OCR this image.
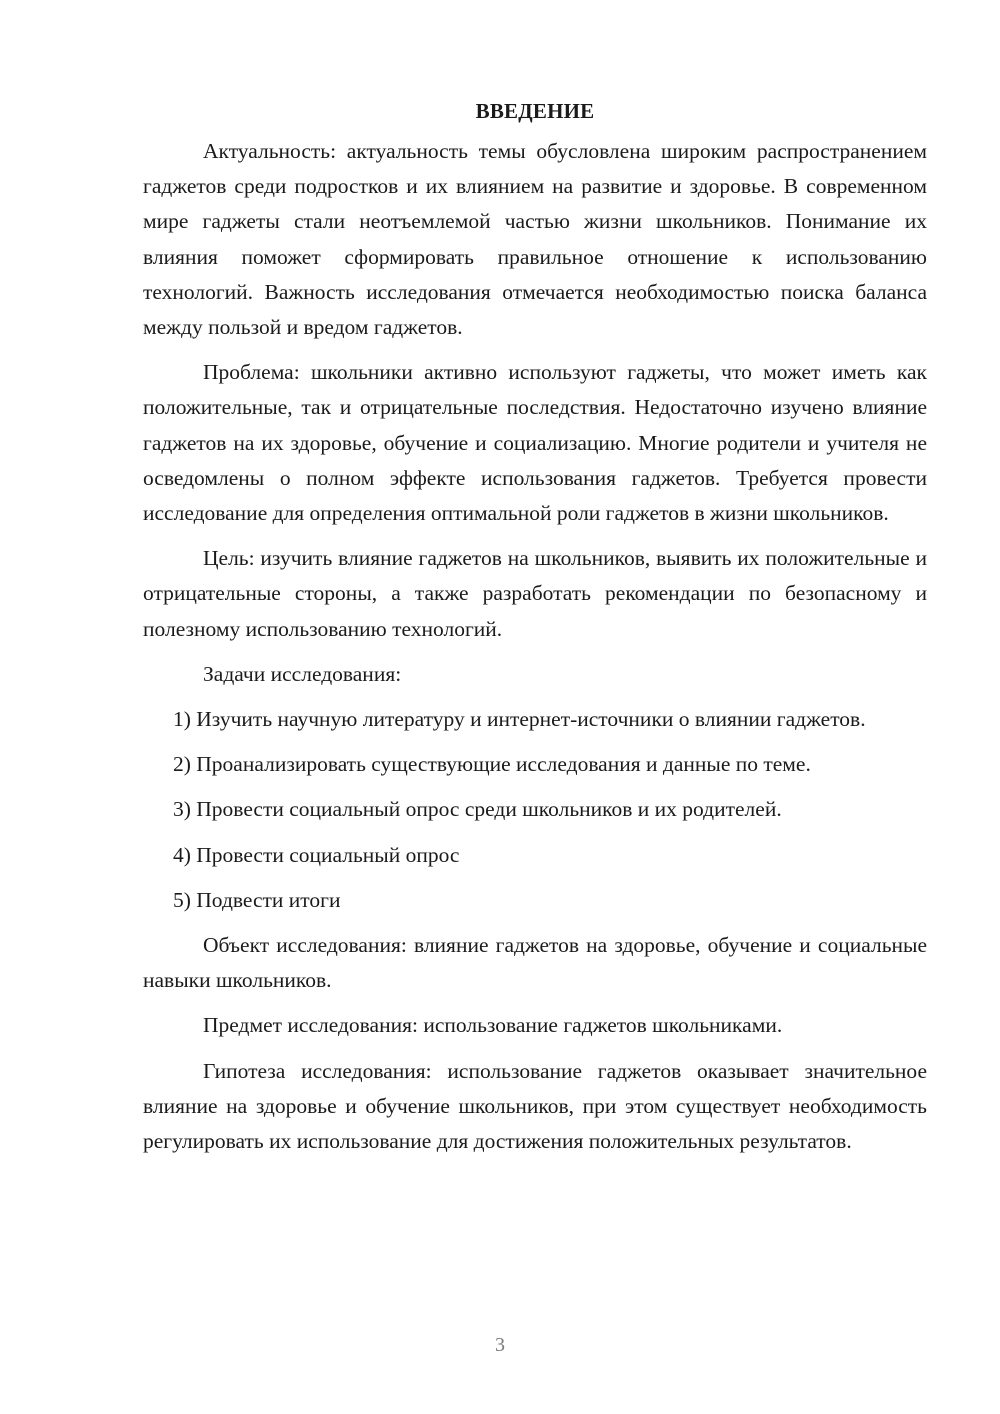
ВВЕДЕНИЕ

Актуальность: актуальность темы обусловлена широким распространением гаджетов среди подростков и их влиянием на развитие и здоровье. В современном мире гаджеты стали неотъемлемой частью жизни школьников. Понимание их влияния поможет сформировать правильное отношение к использованию технологий. Важность исследования отмечается необходимостью поиска баланса между пользой и вредом гаджетов.

Проблема: школьники активно используют гаджеты, что может иметь как положительные, так и отрицательные последствия. Недостаточно изучено влияние гаджетов на их здоровье, обучение и социализацию. Многие родители и учителя не осведомлены о полном эффекте использования гаджетов. Требуется провести исследование для определения оптимальной роли гаджетов в жизни школьников.

Цель: изучить влияние гаджетов на школьников, выявить их положительные и отрицательные стороны, а также разработать рекомендации по безопасному и полезному использованию технологий.

Задачи исследования:

1) Изучить научную литературу и интернет-источники о влиянии гаджетов.

2) Проанализировать существующие исследования и данные по теме.

3) Провести социальный опрос среди школьников и их родителей.

4) Провести социальный опрос

5) Подвести итоги

Объект исследования: влияние гаджетов на здоровье, обучение и социальные навыки школьников.

Предмет исследования: использование гаджетов школьниками.

Гипотеза исследования: использование гаджетов оказывает значительное влияние на здоровье и обучение школьников, при этом существует необходимость регулировать их использование для достижения положительных результатов.

3
